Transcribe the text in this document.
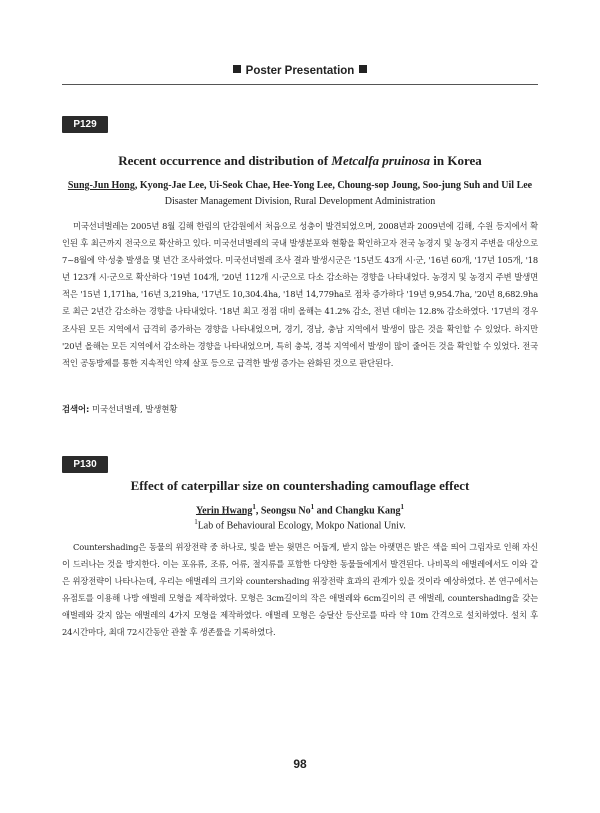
Poster Presentation
P129
Recent occurrence and distribution of Metcalfa pruinosa in Korea
Sung-Jun Hong, Kyong-Jae Lee, Ui-Seok Chae, Hee-Yong Lee, Choung-sop Joung, Soo-jung Suh and Uil Lee
Disaster Management Division, Rural Development Administration
미국선녀벌레는 2005년 8월 김해 한림의 단감원에서 처음으로 성충이 발견되었으며, 2008년과 2009년에 김해, 수원 등지에서 확인된 후 최근까지 전국으로 확산하고 있다. 미국선녀벌레의 국내 발생분포와 현황을 확인하고자 전국 농경지 및 농경지 주변을 대상으로 7~8월에 약·성충 발생을 몇 년간 조사하였다. 미국선녀벌레 조사 결과 발생시군은 '15년도 43개 시·군, '16년 60개, '17년 105개, '18년 123개 시·군으로 확산하다 '19년 104개, '20년 112개 시·군으로 다소 감소하는 경향을 나타내었다. 농경지 및 농경지 주변 발생면적은 '15년 1,171ha, '16년 3,219ha, '17년도 10,304.4ha, '18년 14,779ha로 점차 증가하다 '19년 9,954.7ha, '20년 8,682.9ha로 최근 2년간 감소하는 경향을 나타내었다. '18년 최고 정점 대비 올해는 41.2% 감소, 전년 대비는 12.8% 감소하였다. '17년의 경우 조사된 모든 지역에서 급격히 증가하는 경향을 나타내었으며, 경기, 경남, 충남 지역에서 발생이 많은 것을 확인할 수 있었다. 하지만 '20년 올해는 모든 지역에서 감소하는 경향을 나타내었으며, 특히 충북, 경북 지역에서 발생이 많이 줄어든 것을 확인할 수 있었다. 전국적인 공동방제를 통한 지속적인 약제 살포 등으로 급격한 발생 증가는 완화된 것으로 판단된다.
검색어: 미국선녀벌레, 발생현황
P130
Effect of caterpillar size on countershading camouflage effect
Yerin Hwang$^1$, Seongsu No$^1$ and Changku Kang$^1$
$^1$Lab of Behavioural Ecology, Mokpo National Univ.
Countershading은 동물의 위장전략 중 하나로, 빛을 받는 윗면은 어둡게, 받지 않는 아랫면은 밝은 색을 띄어 그림자로 인해 자신이 드러나는 것을 방지한다. 이는 포유류, 조류, 어류, 절지류를 포함한 다양한 동물들에게서 발견된다. 나비목의 애벌레에서도 이와 같은 위장전략이 나타나는데, 우리는 애벌레의 크기와 countershading 위장전략 효과의 관계가 있을 것이라 예상하였다. 본 연구에서는 유점토를 이용해 나방 애벌레 모형을 제작하였다. 모형은 3cm길이의 작은 애벌레와 6cm길이의 큰 애벌레, countershading을 갖는 애벌레와 갖지 않는 애벌레의 4가지 모형을 제작하였다. 애벌레 모형은 승달산 등산로를 따라 약 10m 간격으로 설치하였다. 설치 후 24시간마다, 최대 72시간동안 관찰 후 생존률을 기록하였다.
98
